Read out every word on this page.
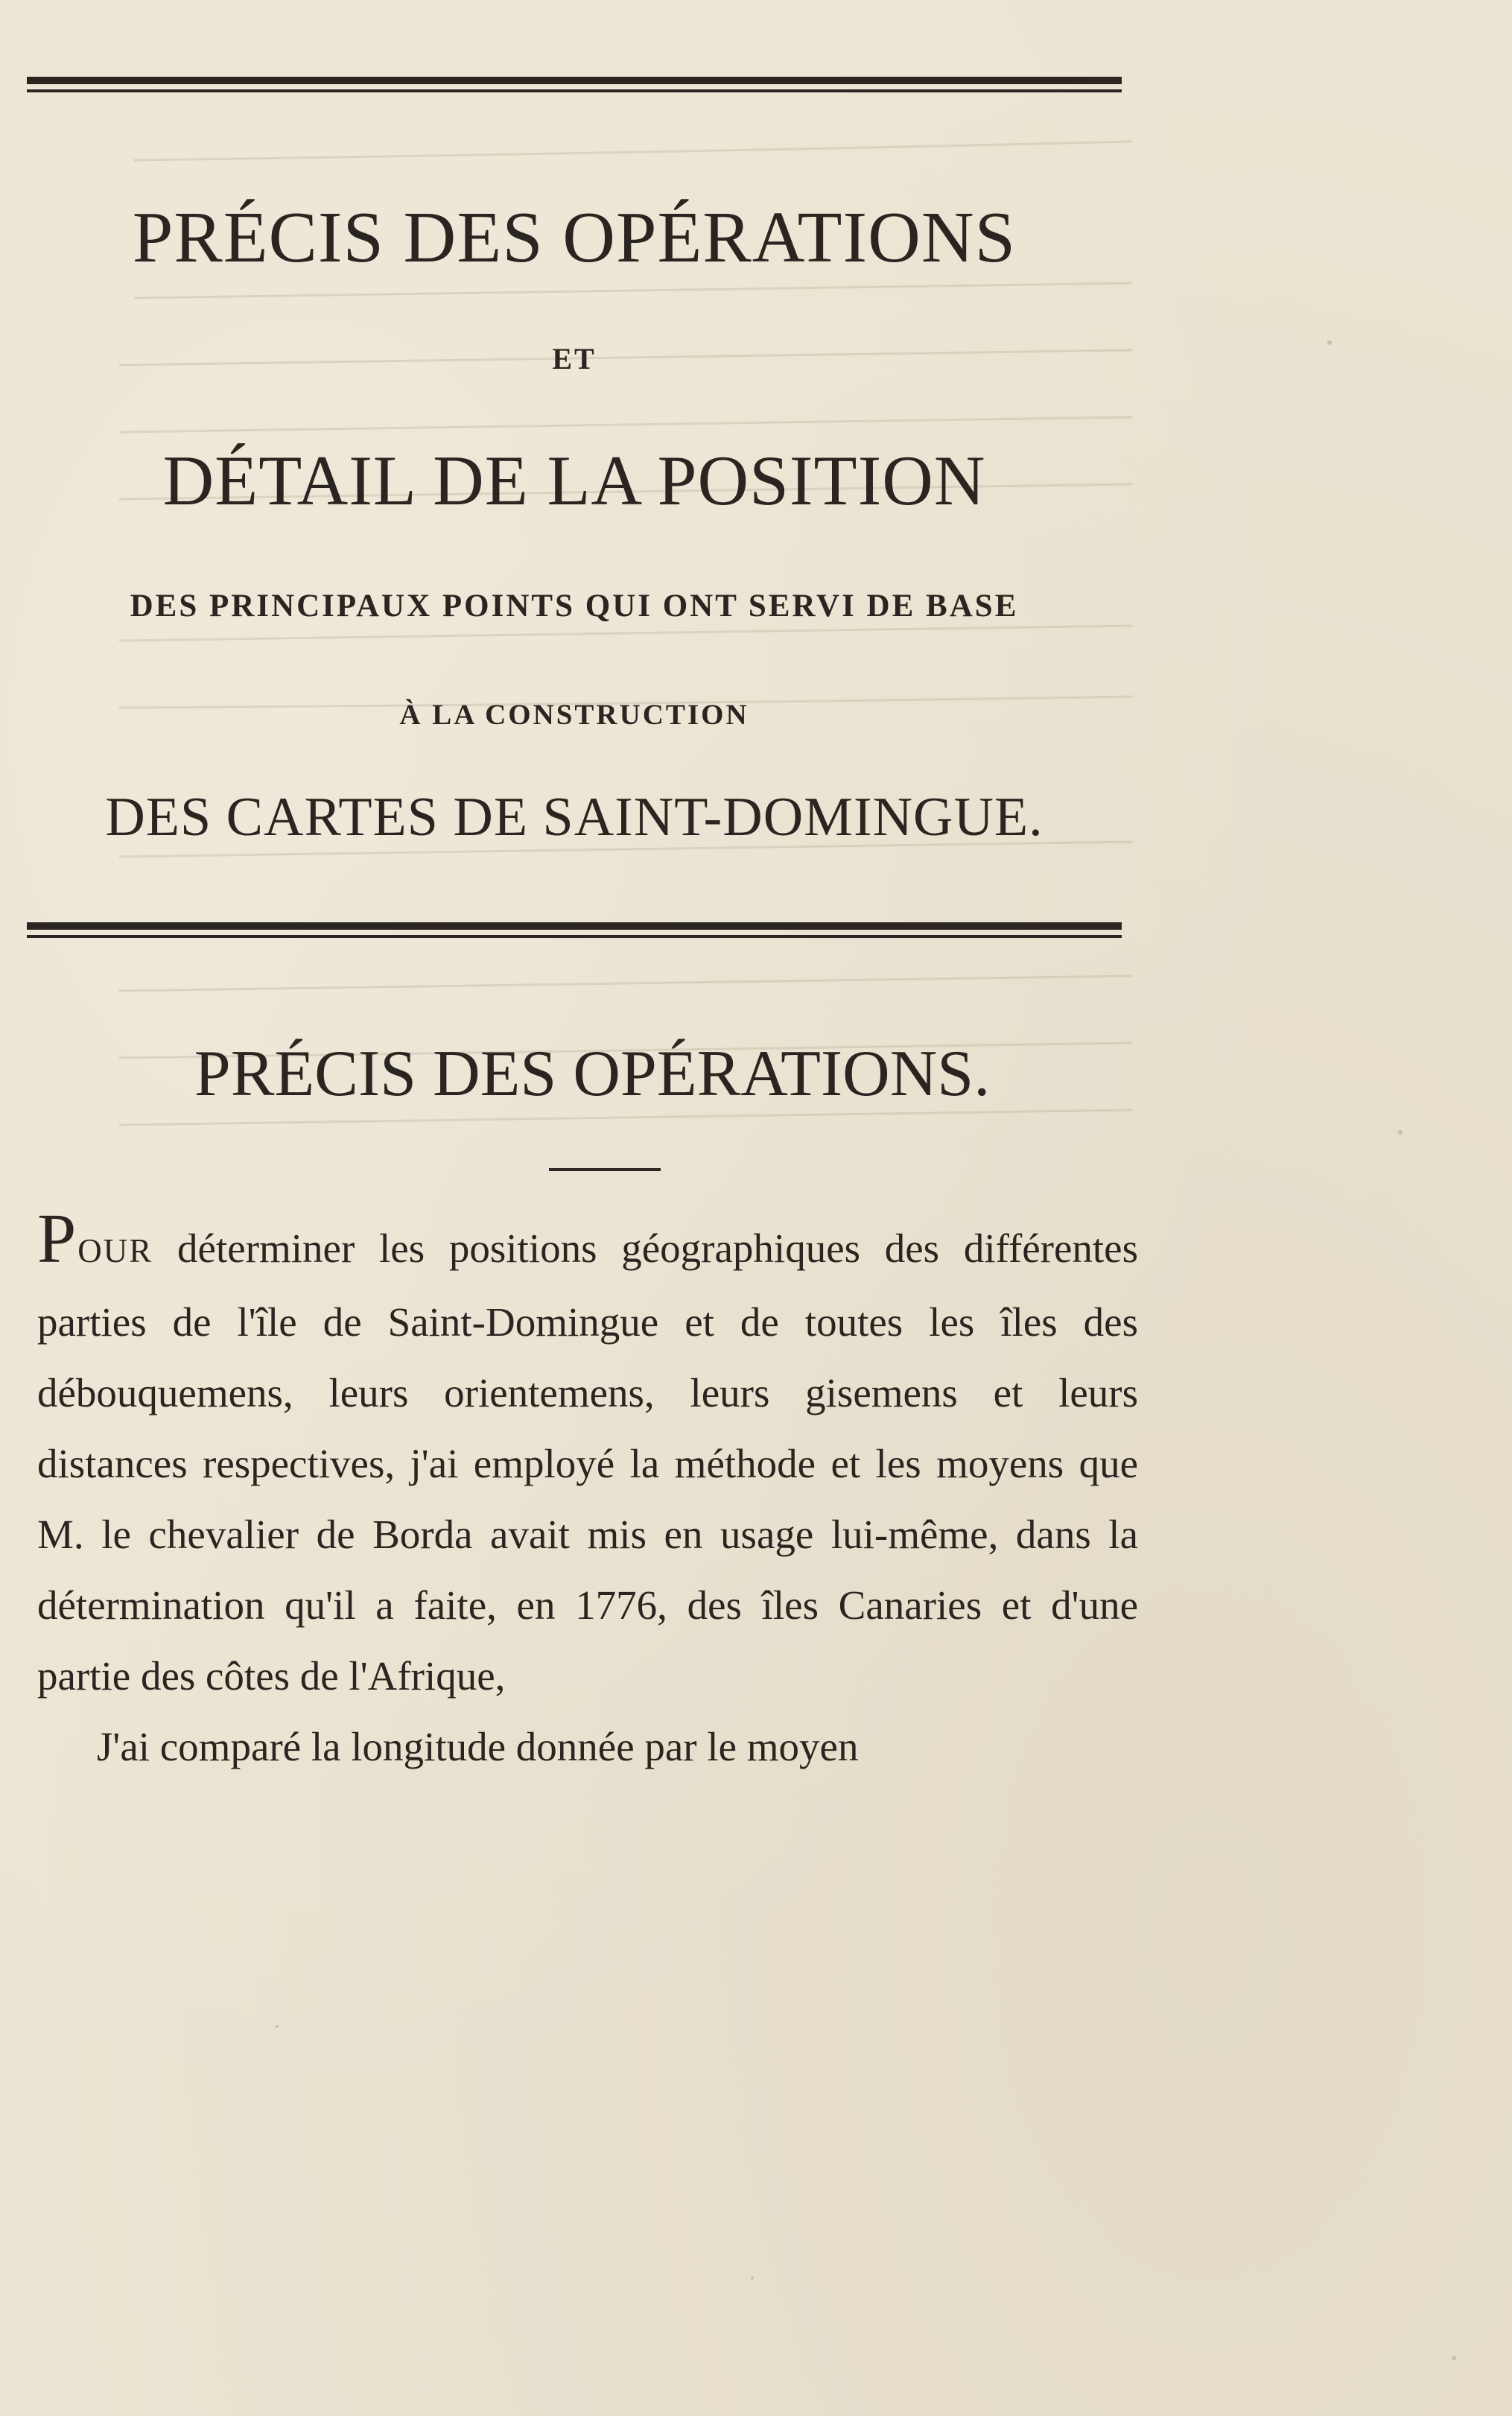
PRÉCIS DES OPÉRATIONS
ET
DÉTAIL DE LA POSITION
DES PRINCIPAUX POINTS QUI ONT SERVI DE BASE
À LA CONSTRUCTION
DES CARTES DE SAINT-DOMINGUE.
PRÉCIS DES OPÉRATIONS.

POUR déterminer les positions géographiques des différentes parties de l'île de Saint-Domingue et de toutes les îles des débouquemens, leurs orientemens, leurs gisemens et leurs distances respectives, j'ai employé la méthode et les moyens que M. le chevalier de Borda avait mis en usage lui-même, dans la détermination qu'il a faite, en 1776, des îles Canaries et d'une partie des côtes de l'Afrique,

J'ai comparé la longitude donnée par le moyen
